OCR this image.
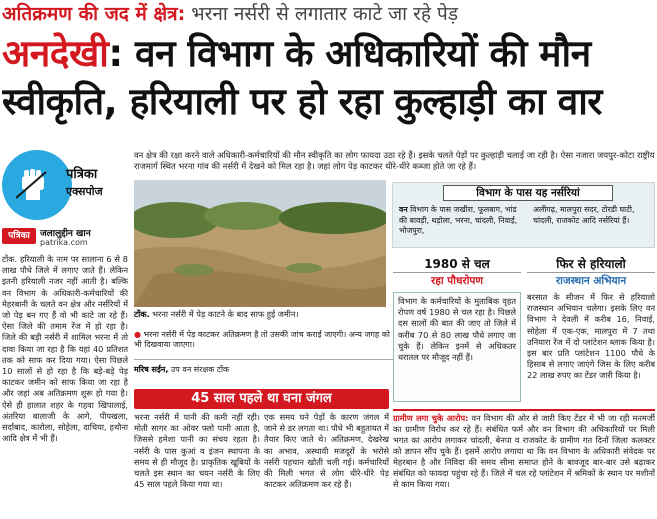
अतिक्रमण की जद में क्षेत्र: भरना नर्सरी से लगातार काटे जा रहे पेड़
अनदेखी: वन विभाग के अधिकारियों की मौन
स्वीकृति, हरियाली पर हो रहा कुल्हाड़ी का वार
पत्रिका
एक्सपोज
पत्रिका	जलालुद्दीन खान
patrika.com
वन क्षेत्र की रक्षा करने वाले अधिकारी-कर्मचारियों की मौन स्वीकृति का लोग फायदा उठा रहे हैं। इसके चलते पेड़ों पर कुल्हाड़ी चलाई जा रही है। ऐसा नजारा जयपुर-कोटा राष्ट्रीय राजमार्ग स्थित भरना गांव की नर्सरी में देखने को मिल रहा है। जहां लोग पेड़ काटकर धीरे-धीरे कब्जा होते जा रहे हैं।
टोंक. हरियाली के नाम पर सालाना 6 से 8 लाख पौधे जिले में लगाए जाते हैं। लेकिन इतनी हरियाली नजर नहीं आती है। बल्कि वन विभाग के अधिकारी-कर्मचारियों की मेहरबानी के चलते वन क्षेत्र और नर्सरियों में जो पेड़ बन गए हैं वो भी काटे जा रहे हैं। ऐसा जिले की तमाम रेंज में हो रहा है। जिले की बड़ी नर्सरी में शामिल भरना में तो दावा किया जा रहा है कि यहां 40 प्रतिशत तक को साफ कर दिया गया। ऐसा पिछले 10 सालों से हो रहा है कि बड़े-बड़े पेड़ काटकर जमीन को साफ किया जा रहा है और जहां अब अतिक्रमण शुरू हो गया है। ऐसे ही हालात शहर के गहवा खिपालाई, अंतरिया बालाजी के आगे, पीपखला, सर्दाबाद, कारोला, सोहेला, दाचिया, हथौना आदि क्षेत्र में भी हैं।
टोंक. भरना नर्सरी में पेड़ काटने के बाद साफ हुई जमीन।
● भरना नर्सरी में पेड़ काटकर अतिक्रमण है तो उसकी जांच कराई जाएगी। अन्य जगह को भी दिखवाया जाएगा।
मरिष सईन, उप वन संरक्षक टोंक
45 साल पहले था घना जंगल
भरना नर्सरी में पानी की कमी नहीं रही। मोती सागर का ओवर फ्लो पानी आता है, जिससे हमेशा पानी का संचय रहता है। नर्सरी के पास कुआं व इंजन स्थापना के समय से ही मौजूद है। प्राकृतिक खूबियों के चलते इस स्थान का चयन नर्सरी के लिए 45 साल पहले किया गया था।
एक समय घने पेड़ों के कारण जंगल में जाने से डर लगता था। पौधे भी बहुतायत में तैयार किए जाते थे। अतिक्रमण, देखरेख का अभाव, अस्थायी मजदूरों के भरोसे नर्सरी पहचान खोती चली गई। कर्मचारियों की मिली भगत से लोग धीरे-धीरे पेड़ काटकर अतिक्रमण कर रहे हैं।
विभाग के पास यह नर्सरियां
वन विभाग के पास जखीरा, फूलबाग, भांड की बावड़ी, थड़ोला, भरना, चांदली, निवाई, भोजपुरा,
अलीगढ़, मालपुरा सदर, टोरडी घाटी, चांदली, राजकोट आदि नर्सरियां हैं।
1980 से चल
रहा पौधरोपण
विभाग के कर्मचारियों के मुताबिक वृहत रोपण वर्ष 1980 से चल रहा है। पिछले दस सालों की बात की जाए तो जिले में करीब 70 से 80 लाख पौधे लगाए जा चुके हैं। लेकिन इनमें से अधिकतर धरातल पर मौजूद नहीं हैं।
फिर से हरियालो
राजस्थान अभियान
बरसात के सीजन में फिर से हरियालो राजस्थान अभियान चलेगा। इसके लिए वन विभाग ने देवली में करीब 16, निवाई, सोहेला में एक-एक, मालपुरा में 7 तथा उनियारा रेंज में दो प्लांटेशन ब्लाक किया है। इस बार प्रति प्लांटेशन 1100 पौधे के हिसाब से लगाए जाएंगे जिस के लिए करीब 22 लाख रुपए का टेंडर जारी किया है।
ग्रामीण लगा चुके आरोप: वन विभाग की ओर से जारी किए टेंडर में भी जा रही मनमर्जी का ग्रामीण विरोध कर रहे हैं। संबंधित फर्म और वन विभाग की अधिकारियों पर मिली भगत का आरोप लगाकर चांदली, बेनपा व राजकोट के ग्रामीण गत दिनों जिला कलक्टर को ज्ञापन सौंप चुके हैं। इसमें आरोप लगाया था कि वन विभाग के अधिकारी संवेदक पर मेहरबान है और निविदा की समय सीमा समाप्त होने के बावजूद बार-बार उसे बढ़ाकर संबंधित को फायदा पहुंचा रहे हैं। जिले में चल रहे प्लांटेशन में श्रमिकों के स्थान पर मशीनों से काम किया गया।
